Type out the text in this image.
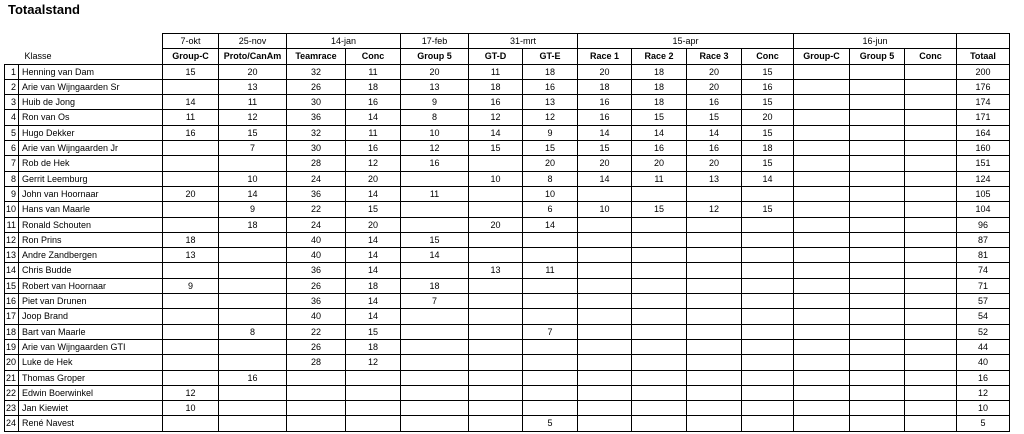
Totaalstand
Klasse		7-okt	25-nov	14-jan		17-feb	31-mrt		15-apr				16-jun			
		Group-C	Proto/CanAm	Teamrace	Conc	Group 5	GT-D	GT-E	Race 1	Race 2	Race 3	Conc	Group-C	Group 5	Conc	Totaal
1	Henning van Dam	15	20	32	11	20	11	18	20	18	20	15				200
2	Arie van Wijngaarden Sr		13	26	18	13	18	16	18	18	20	16				176
3	Huib de Jong	14	11	30	16	9	16	13	16	18	16	15				174
4	Ron van Os	11	12	36	14	8	12	12	16	15	15	20				171
5	Hugo Dekker	16	15	32	11	10	14	9	14	14	14	15				164
6	Arie van Wijngaarden Jr		7	30	16	12	15	15	15	16	16	18				160
7	Rob de Hek			28	12	16		20	20	20	20	15				151
8	Gerrit Leemburg		10	24	20		10	8	14	11	13	14				124
9	John van Hoornaar	20	14	36	14	11		10								105
10	Hans van Maarle		9	22	15			6	10	15	12	15				104
11	Ronald Schouten		18	24	20		20	14								96
12	Ron Prins	18		40	14	15										87
13	Andre Zandbergen	13		40	14	14										81
14	Chris Budde			36	14		13	11								74
15	Robert van Hoornaar	9		26	18	18										71
16	Piet van Drunen			36	14	7										57
17	Joop Brand			40	14											54
18	Bart van Maarle		8	22	15			7								52
19	Arie van Wijngaarden GTI			26	18											44
20	Luke de Hek			28	12											40
21	Thomas Groper		16													16
22	Edwin Boerwinkel	12														12
23	Jan Kiewiet	10														10
24	René Navest							5								5
